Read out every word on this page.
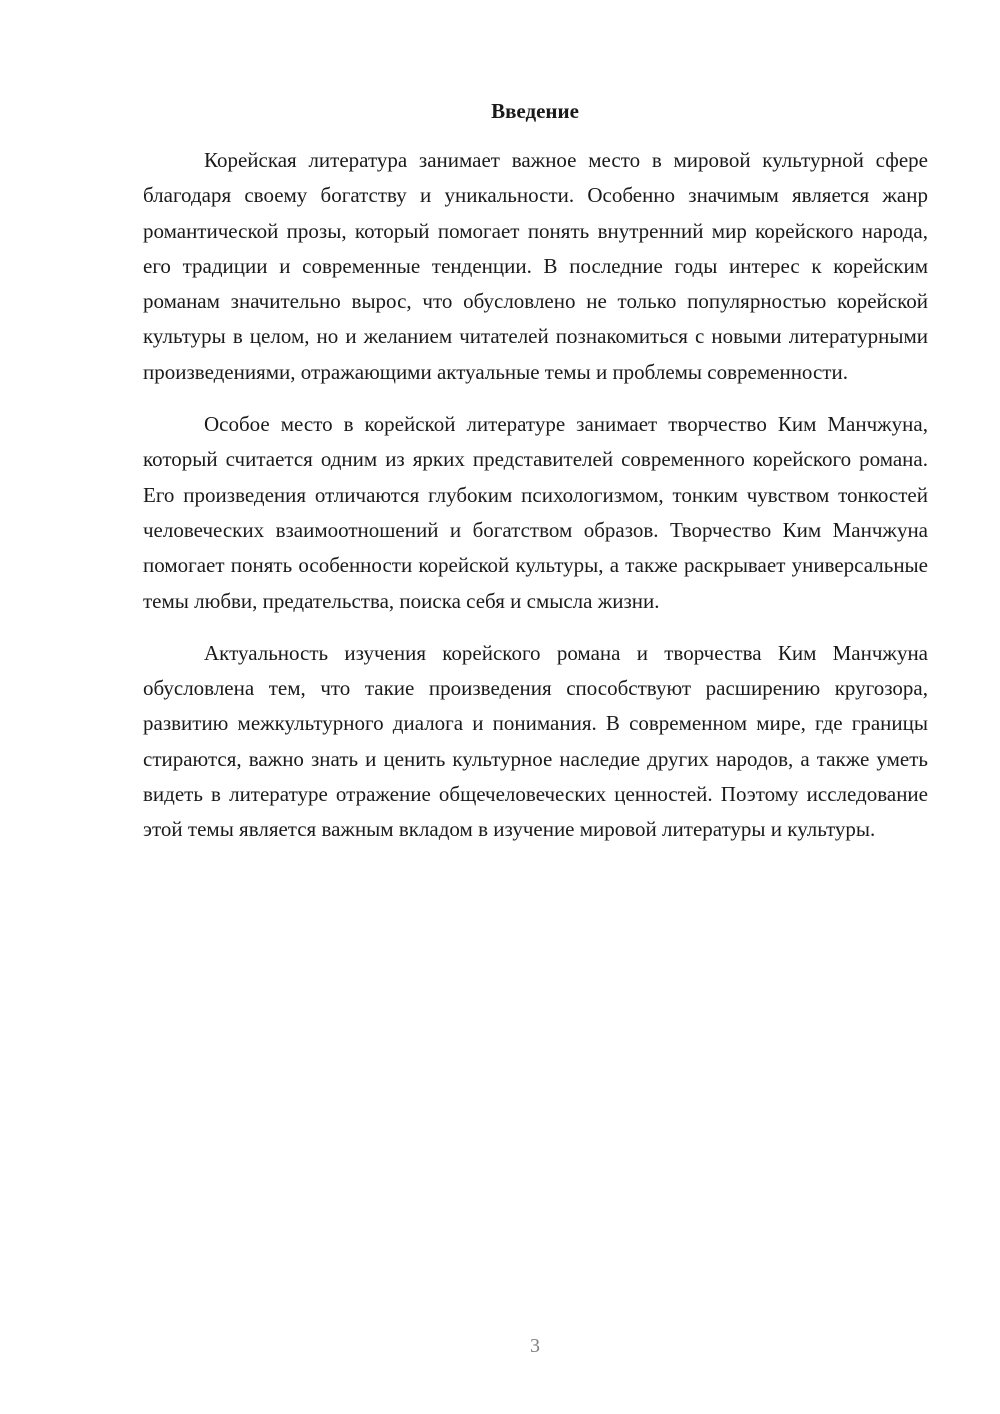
Введение

Корейская литература занимает важное место в мировой культурной сфере благодаря своему богатству и уникальности. Особенно значимым является жанр романтической прозы, который помогает понять внутренний мир корейского народа, его традиции и современные тенденции. В последние годы интерес к корейским романам значительно вырос, что обусловлено не только популярностью корейской культуры в целом, но и желанием читателей познакомиться с новыми литературными произведениями, отражающими актуальные темы и проблемы современности.

Особое место в корейской литературе занимает творчество Ким Манчжуна, который считается одним из ярких представителей современного корейского романа. Его произведения отличаются глубоким психологизмом, тонким чувством тонкостей человеческих взаимоотношений и богатством образов. Творчество Ким Манчжуна помогает понять особенности корейской культуры, а также раскрывает универсальные темы любви, предательства, поиска себя и смысла жизни.

Актуальность изучения корейского романа и творчества Ким Манчжуна обусловлена тем, что такие произведения способствуют расширению кругозора, развитию межкультурного диалога и понимания. В современном мире, где границы стираются, важно знать и ценить культурное наследие других народов, а также уметь видеть в литературе отражение общечеловеческих ценностей. Поэтому исследование этой темы является важным вкладом в изучение мировой литературы и культуры.

3
